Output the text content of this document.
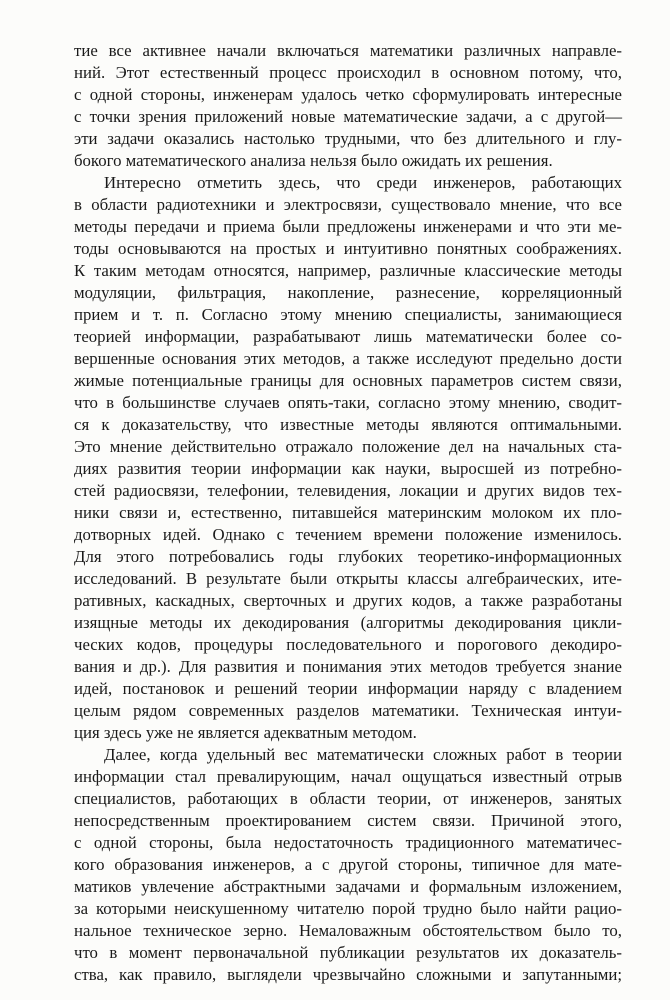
тие все активнее начали включаться математики различных направле-
ний. Этот естественный процесс происходил в основном потому, что,
с одной стороны, инженерам удалось четко сформулировать интересные
с точки зрения приложений новые математические задачи, а с другой—
эти задачи оказались настолько трудными, что без длительного и глу-
бокого математического анализа нельзя было ожидать их решения.
Интересно отметить здесь, что среди инженеров, работающих
в области радиотехники и электросвязи, существовало мнение, что все
методы передачи и приема были предложены инженерами и что эти ме-
тоды основываются на простых и интуитивно понятных соображениях.
К таким методам относятся, например, различные классические методы
модуляции, фильтрация, накопление, разнесение, корреляционный
прием и т. п. Согласно этому мнению специалисты, занимающиеся
теорией информации, разрабатывают лишь математически более со-
вершенные основания этих методов, а также исследуют предельно дости
жимые потенциальные границы для основных параметров систем связи,
что в большинстве случаев опять-таки, согласно этому мнению, сводит-
ся к доказательству, что известные методы являются оптимальными.
Это мнение действительно отражало положение дел на начальных ста-
диях развития теории информации как науки, выросшей из потребно-
стей радиосвязи, телефонии, телевидения, локации и других видов тех-
ники связи и, естественно, питавшейся материнским молоком их пло-
дотворных идей. Однако с течением времени положение изменилось.
Для этого потребовались годы глубоких теоретико-информационных
исследований. В результате были открыты классы алгебраических, ите-
ративных, каскадных, сверточных и других кодов, а также разработаны
изящные методы их декодирования (алгоритмы декодирования цикли-
ческих кодов, процедуры последовательного и порогового декодиро-
вания и др.). Для развития и понимания этих методов требуется знание
идей, постановок и решений теории информации наряду с владением
целым рядом современных разделов математики. Техническая интуи-
ция здесь уже не является адекватным методом.
Далее, когда удельный вес математически сложных работ в теории
информации стал превалирующим, начал ощущаться известный отрыв
специалистов, работающих в области теории, от инженеров, занятых
непосредственным проектированием систем связи. Причиной этого,
с одной стороны, была недостаточность традиционного математичес-
кого образования инженеров, а с другой стороны, типичное для мате-
матиков увлечение абстрактными задачами и формальным изложением,
за которыми неискушенному читателю порой трудно было найти рацио-
нальное техническое зерно. Немаловажным обстоятельством было то,
что в момент первоначальной публикации результатов их доказатель-
ства, как правило, выглядели чрезвычайно сложными и запутанными;
